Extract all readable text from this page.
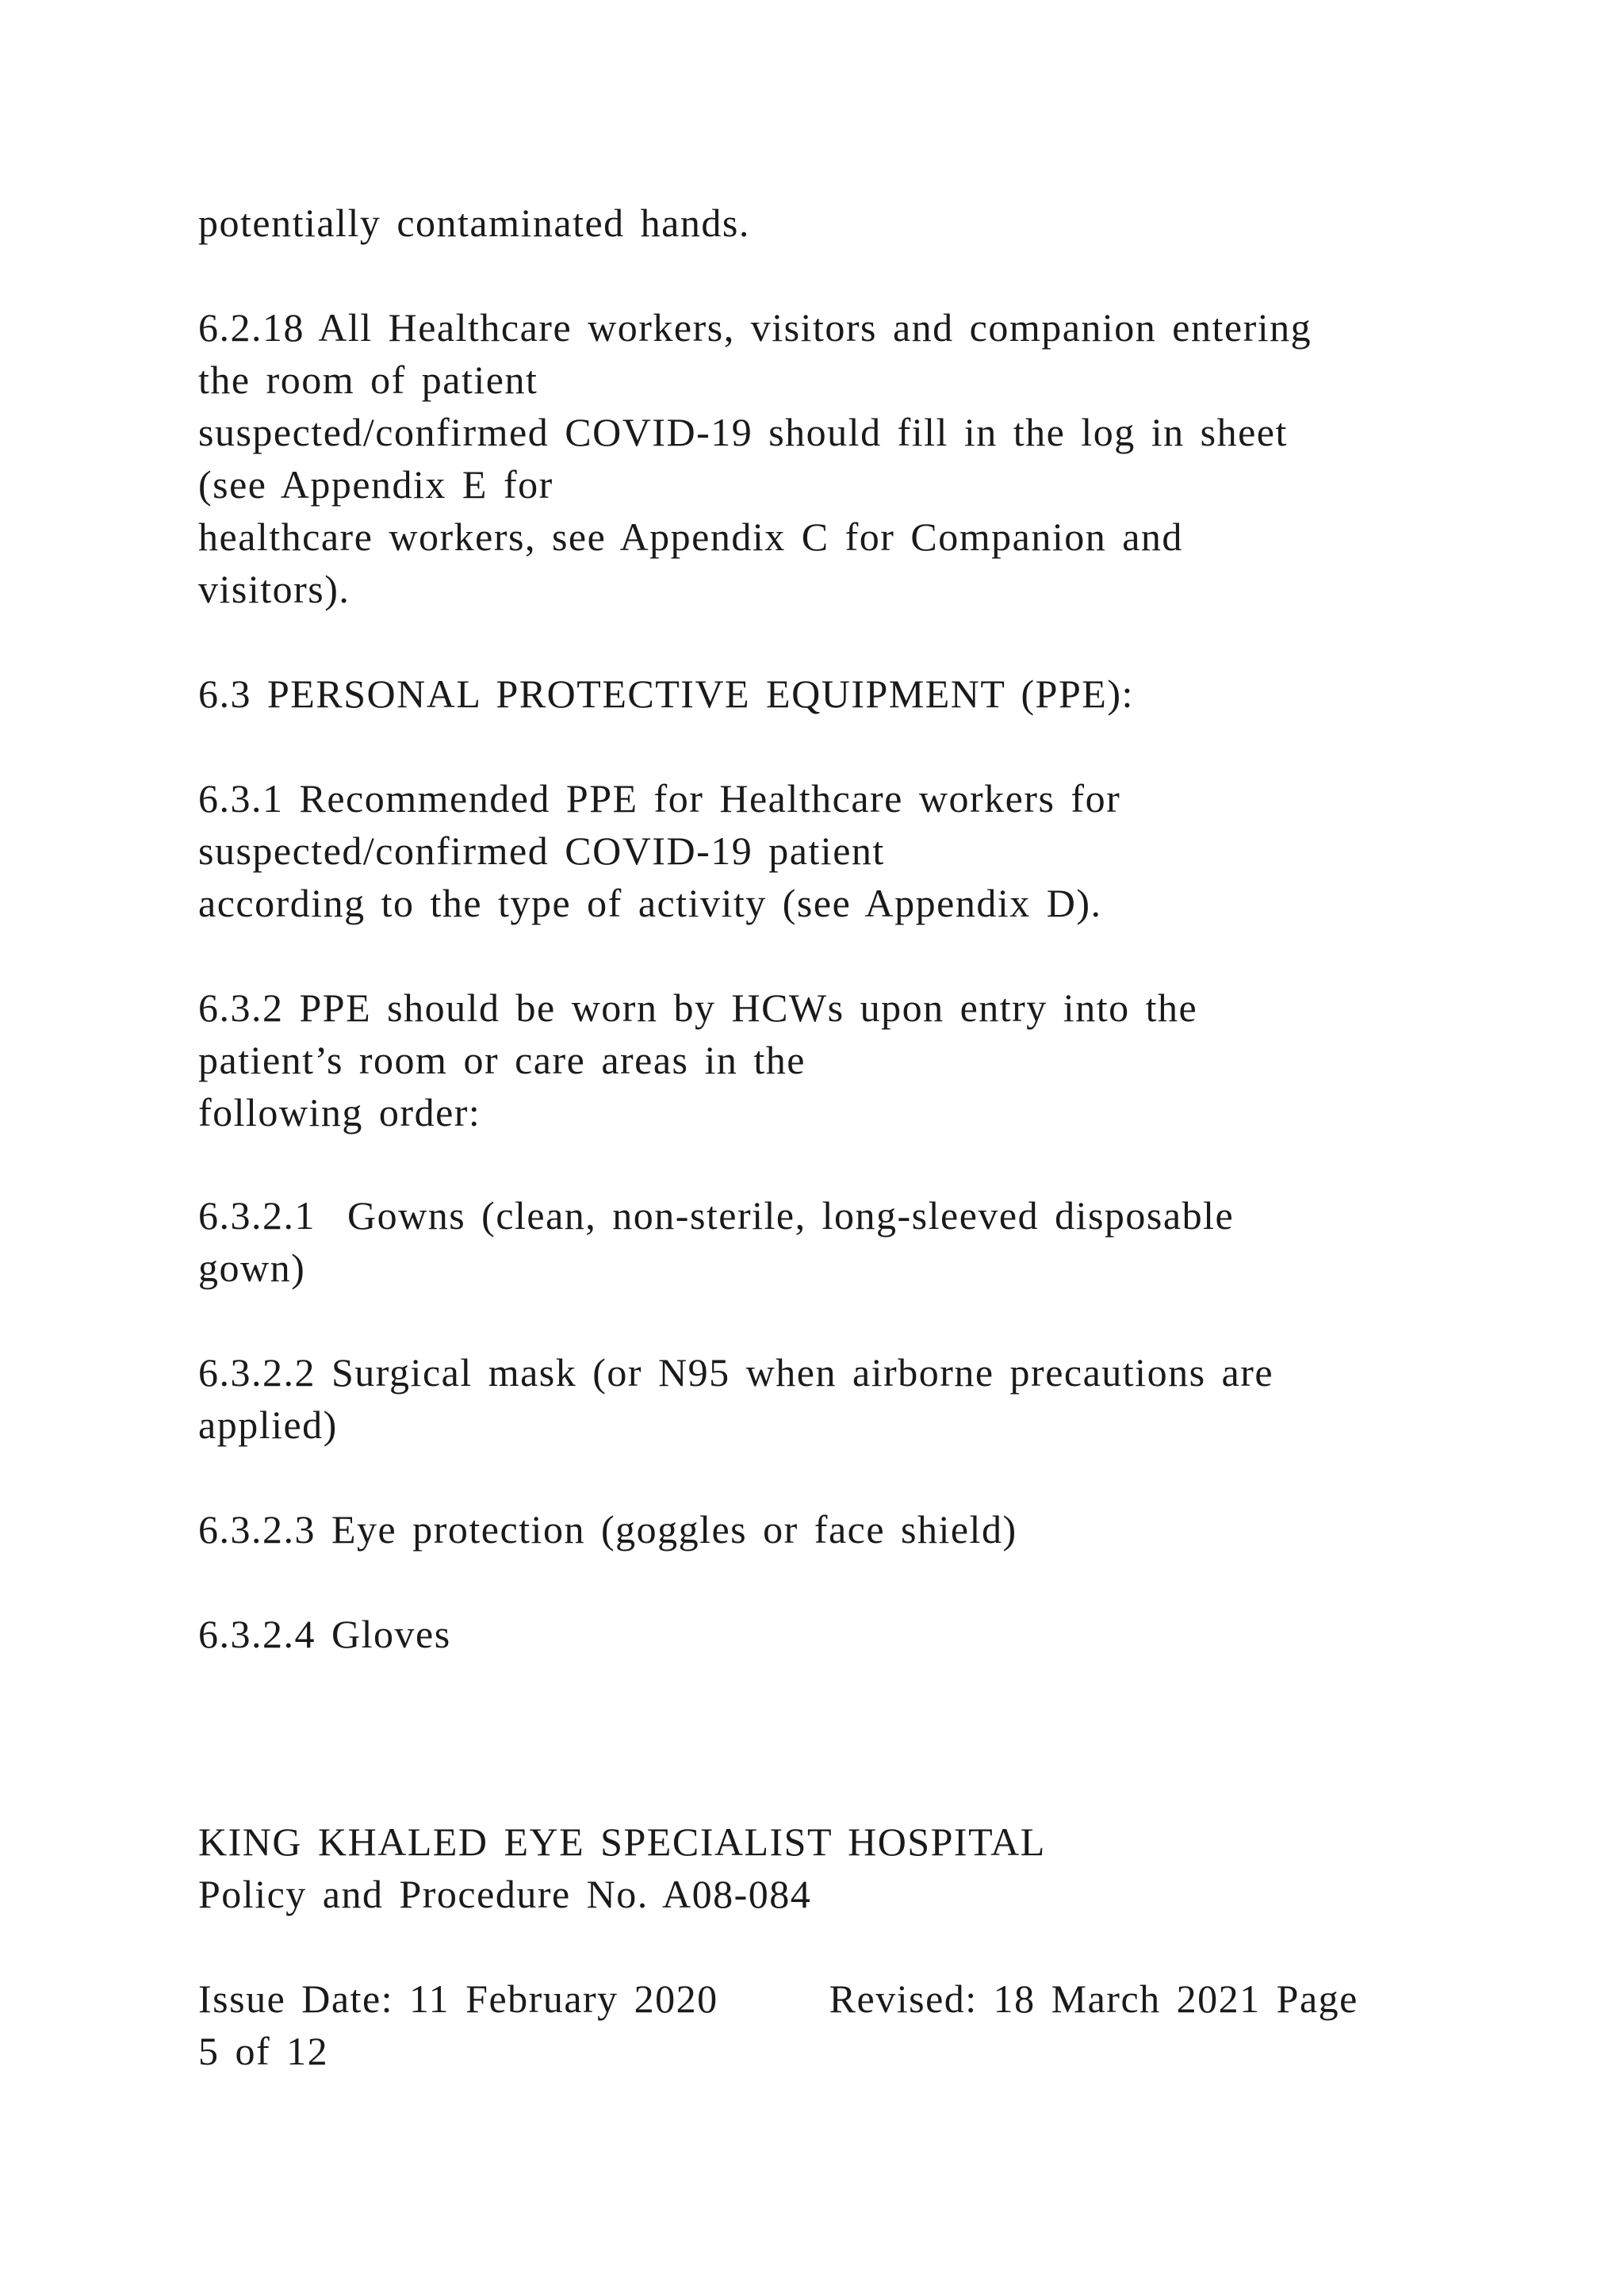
potentially contaminated hands.
6.2.18 All Healthcare workers, visitors and companion entering
the room of patient
suspected/confirmed COVID-19 should fill in the log in sheet
(see Appendix E for
healthcare workers, see Appendix C for Companion and
visitors).
6.3 PERSONAL PROTECTIVE EQUIPMENT (PPE):
6.3.1 Recommended PPE for Healthcare workers for
suspected/confirmed COVID-19 patient
according to the type of activity (see Appendix D).
6.3.2 PPE should be worn by HCWs upon entry into the
patient’s room or care areas in the
following order:
6.3.2.1  Gowns (clean, non-sterile, long-sleeved disposable
gown)
6.3.2.2 Surgical mask (or N95 when airborne precautions are
applied)
6.3.2.3 Eye protection (goggles or face shield)
6.3.2.4 Gloves
KING KHALED EYE SPECIALIST HOSPITAL
Policy and Procedure No. A08-084
Issue Date: 11 February 2020       Revised: 18 March 2021 Page
5 of 12
